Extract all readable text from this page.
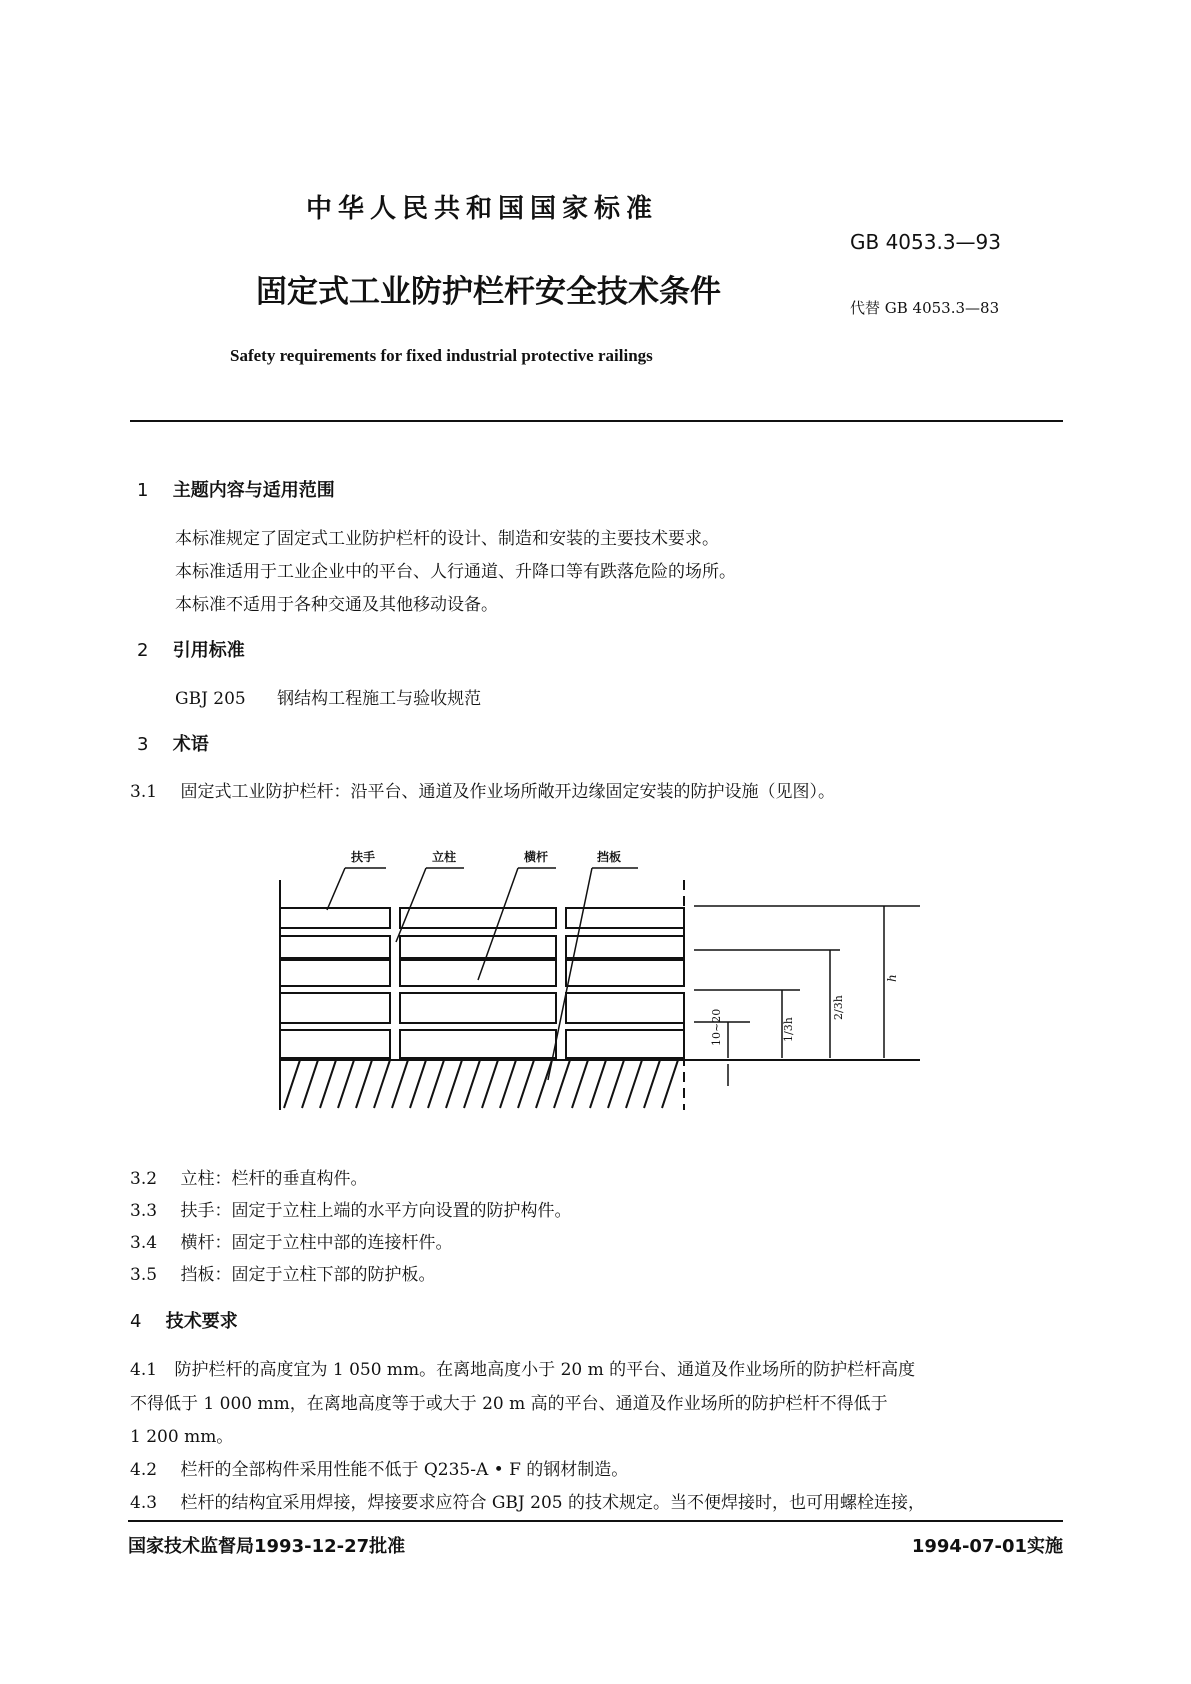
中华人民共和国国家标准
GB 4053.3—93
固定式工业防护栏杆安全技术条件	代替 GB 4053.3—83
Safety requirements for fixed industrial protective railings
1 主题内容与适用范围
本标准规定了固定式工业防护栏杆的设计、制造和安装的主要技术要求。
本标准适用于工业企业中的平台、人行通道、升降口等有跌落危险的场所。
本标准不适用于各种交通及其他移动设备。
2 引用标准
GBJ 205 钢结构工程施工与验收规范
3 术语
3.1 固定式工业防护栏杆：沿平台、通道及作业场所敞开边缘固定安装的防护设施（见图）。
扶手	立柱	横杆	挡板
10~20	1/3h
2/3h
h
3.2 立柱：栏杆的垂直构件。
3.3 扶手：固定于立柱上端的水平方向设置的防护构件。
3.4 横杆：固定于立柱中部的连接杆件。
3.5 挡板：固定于立柱下部的防护板。
4 技术要求
4.1 防护栏杆的高度宜为 1 050 mm。在离地高度小于 20 m 的平台、通道及作业场所的防护栏杆高度
不得低于 1 000 mm，在离地高度等于或大于 20 m 高的平台、通道及作业场所的防护栏杆不得低于
1 200 mm。
4.2 栏杆的全部构件采用性能不低于 Q235-A • F 的钢材制造。
4.3 栏杆的结构宜采用焊接，焊接要求应符合 GBJ 205 的技术规定。当不便焊接时，也可用螺栓连接，
国家技术监督局1993-12-27批准	1994-07-01实施
